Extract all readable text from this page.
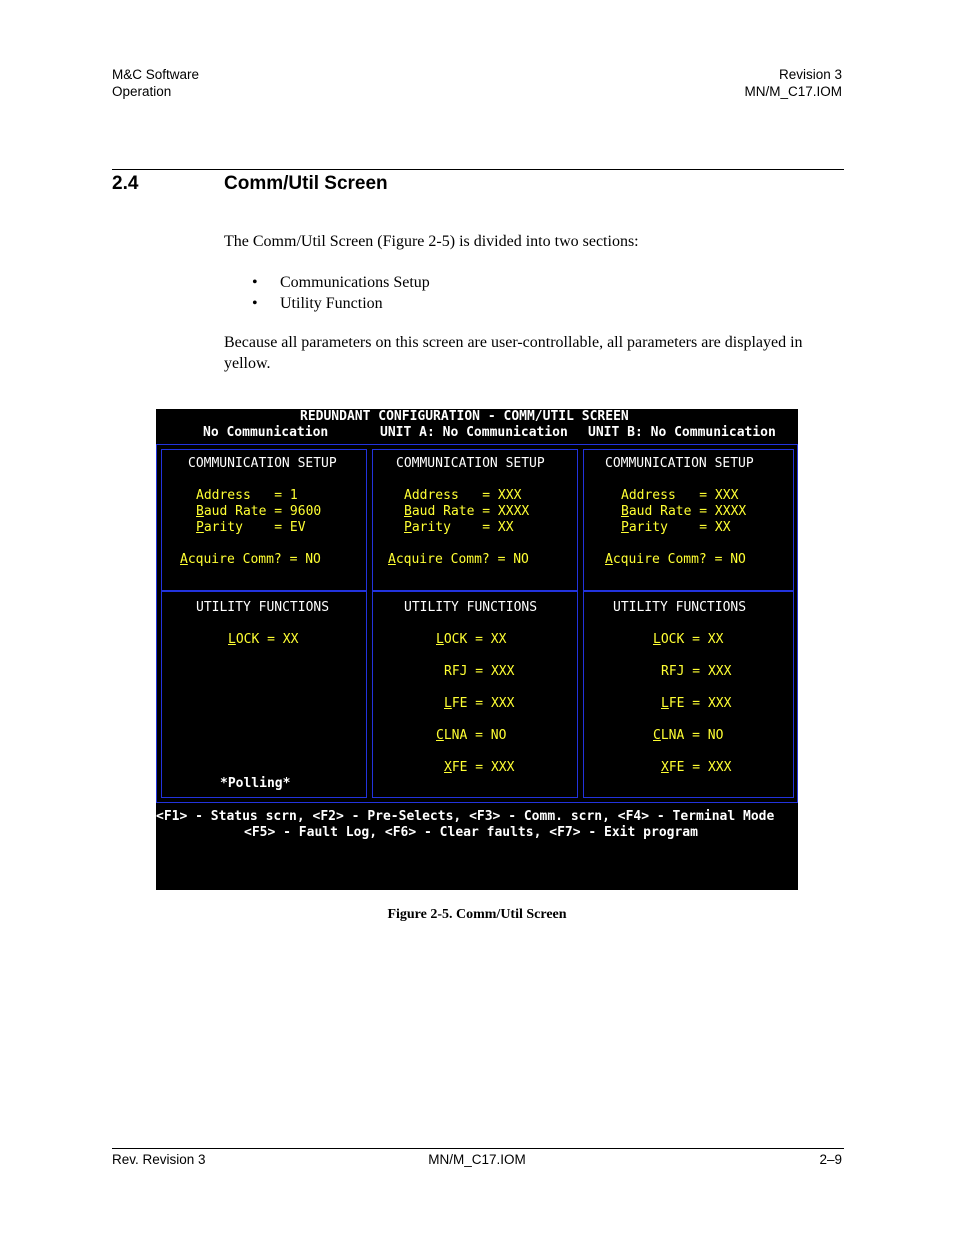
M&C Software
Operation
Revision 3
MN/M_C17.IOM
2.4	Comm/Util Screen
The Comm/Util Screen (Figure 2-5) is divided into two sections:
• Communications Setup
• Utility Function
Because all parameters on this screen are user-controllable, all parameters are displayed in yellow.
REDUNDANT CONFIGURATION - COMM/UTIL SCREEN
No Communication	UNIT A: No Communication UNIT B: No Communication
COMMUNICATION SETUP
Address   = 1
Baud Rate = 9600
Parity    = EV
Acquire Comm? = NO
COMMUNICATION SETUP
Address   = XXX
Baud Rate = XXXX
Parity    = XX
Acquire Comm? = NO
COMMUNICATION SETUP
Address   = XXX
Baud Rate = XXXX
Parity    = XX
Acquire Comm? = NO
UTILITY FUNCTIONS
LOCK = XX
*Polling*
UTILITY FUNCTIONS
LOCK = XX
RFJ = XXX
LFE = XXX
CLNA = NO
XFE = XXX
UTILITY FUNCTIONS
LOCK = XX
RFJ = XXX
LFE = XXX
CLNA = NO
XFE = XXX
<F1> - Status scrn, <F2> - Pre-Selects, <F3> - Comm. scrn, <F4> - Terminal Mode
<F5> - Fault Log, <F6> - Clear faults, <F7> - Exit program
Figure 2-5. Comm/Util Screen
Rev. Revision 3	MN/M_C17.IOM	2–9
